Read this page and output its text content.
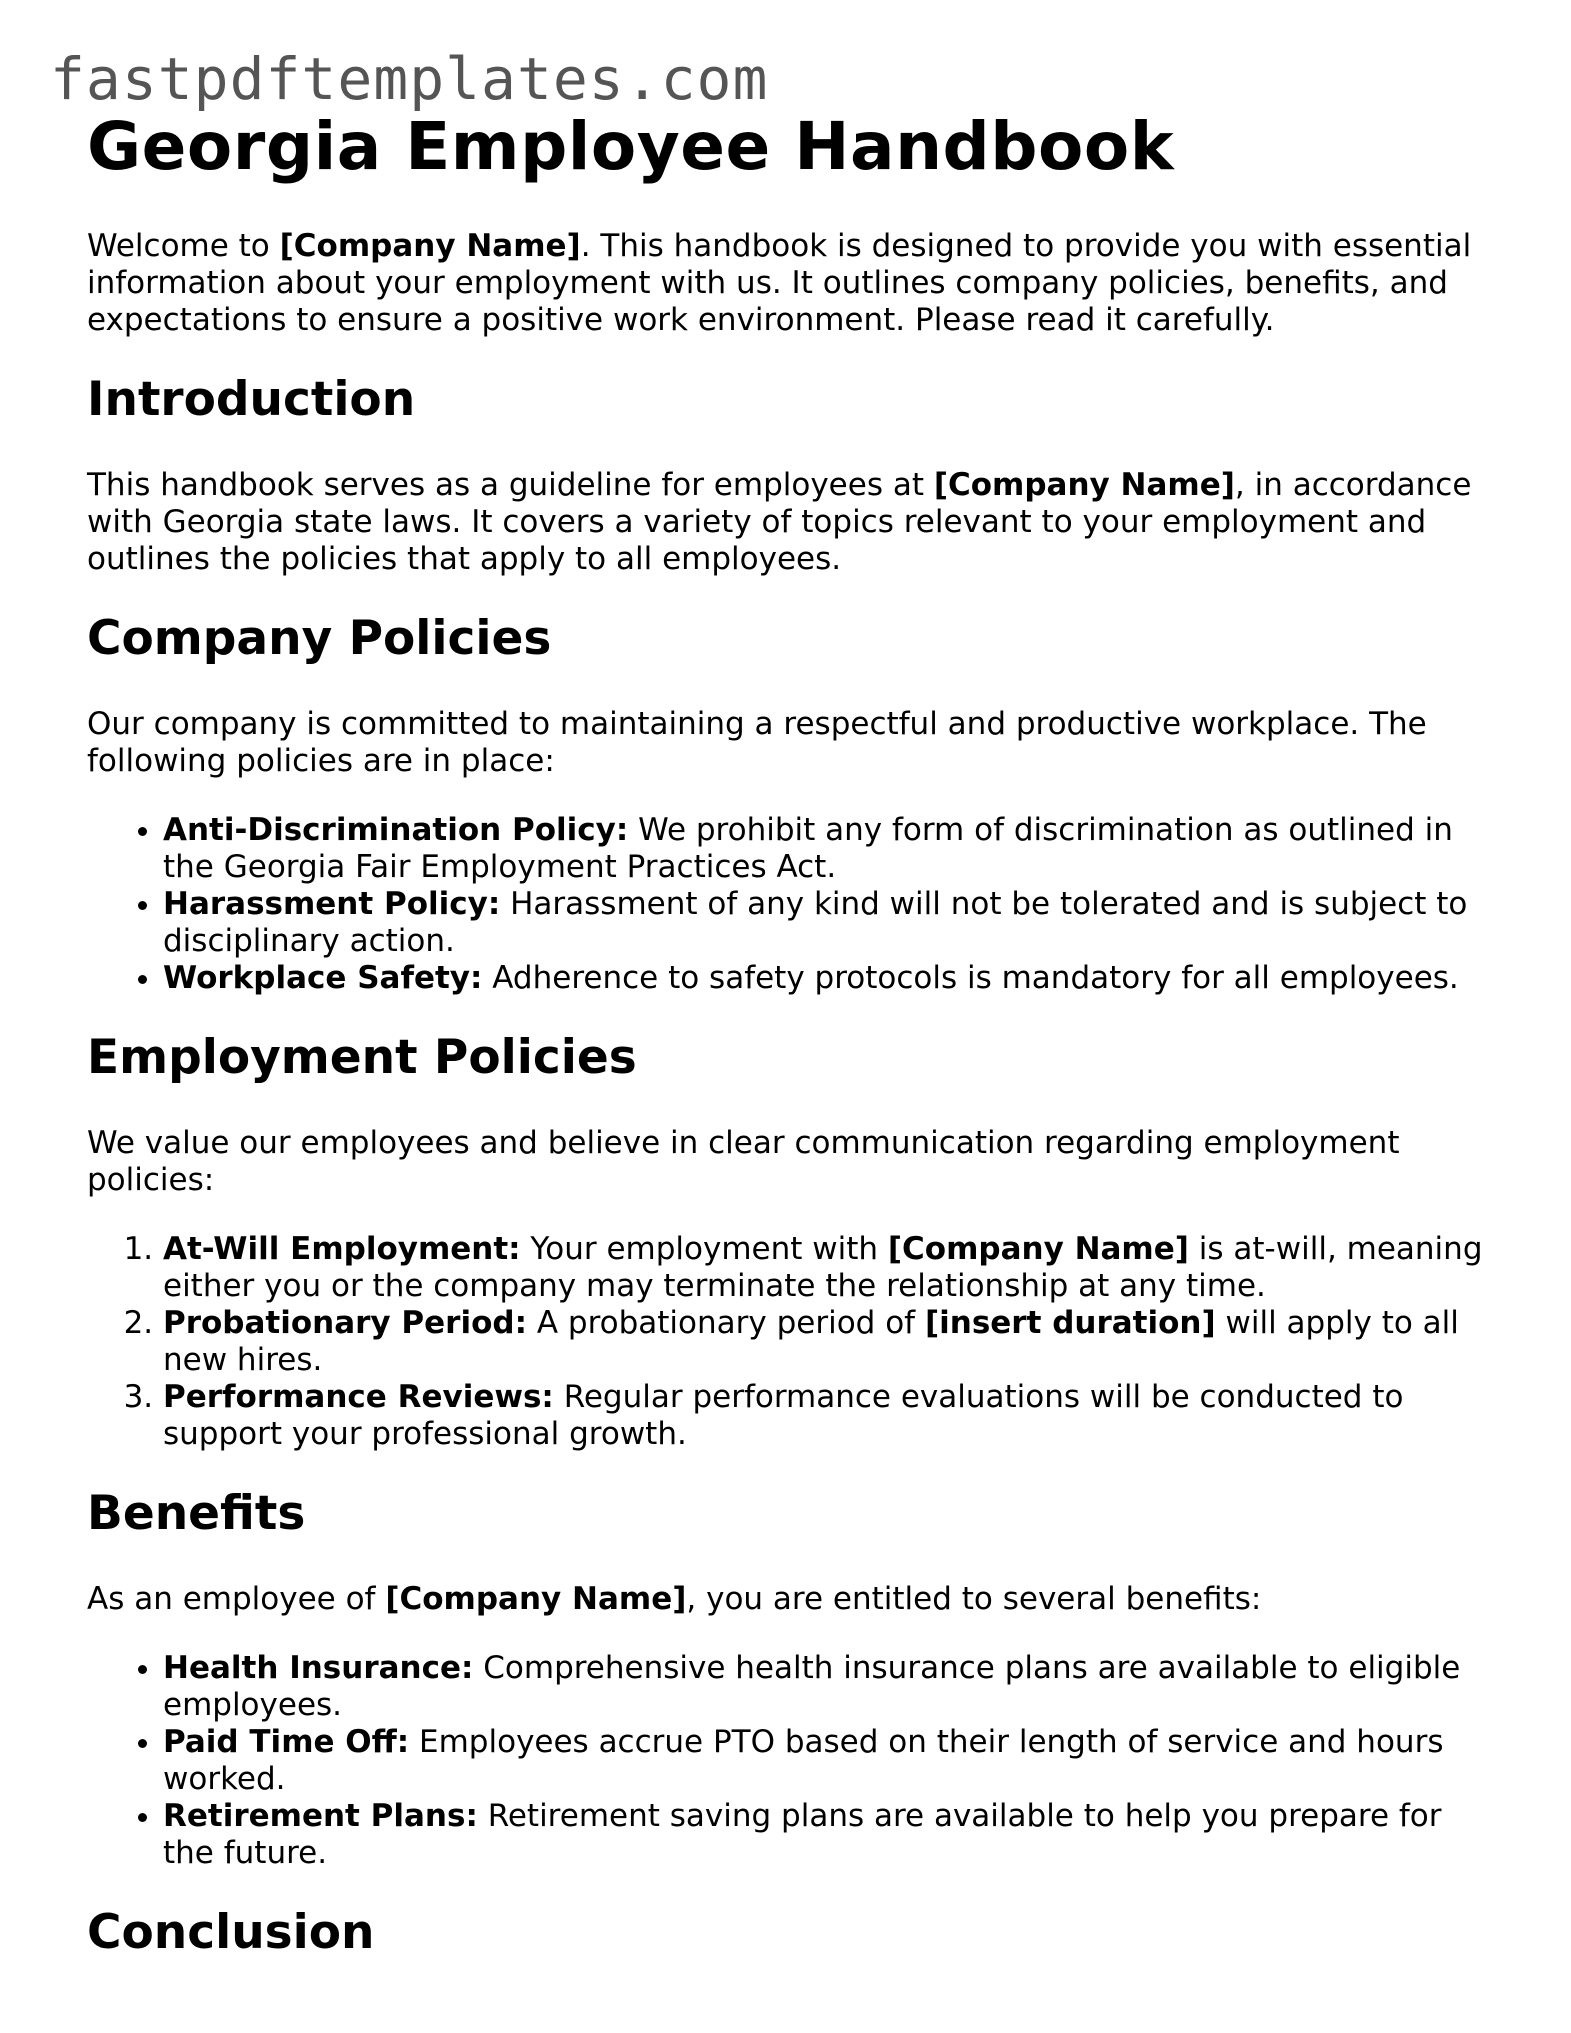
fastpdftemplates.com
Georgia Employee Handbook

Welcome to [Company Name]. This handbook is designed to provide you with essential information about your employment with us. It outlines company policies, benefits, and expectations to ensure a positive work environment. Please read it carefully.

Introduction

This handbook serves as a guideline for employees at [Company Name], in accordance with Georgia state laws. It covers a variety of topics relevant to your employment and outlines the policies that apply to all employees.

Company Policies

Our company is committed to maintaining a respectful and productive workplace. The following policies are in place:

• Anti-Discrimination Policy: We prohibit any form of discrimination as outlined in the Georgia Fair Employment Practices Act.
• Harassment Policy: Harassment of any kind will not be tolerated and is subject to disciplinary action.
• Workplace Safety: Adherence to safety protocols is mandatory for all employees.
Employment Policies

We value our employees and believe in clear communication regarding employment policies:

1. At-Will Employment: Your employment with [Company Name] is at-will, meaning either you or the company may terminate the relationship at any time.
2. Probationary Period: A probationary period of [insert duration] will apply to all new hires.
3. Performance Reviews: Regular performance evaluations will be conducted to support your professional growth.
Benefits

As an employee of [Company Name], you are entitled to several benefits:

• Health Insurance: Comprehensive health insurance plans are available to eligible employees.
• Paid Time Off: Employees accrue PTO based on their length of service and hours worked.
• Retirement Plans: Retirement saving plans are available to help you prepare for the future.
Conclusion
